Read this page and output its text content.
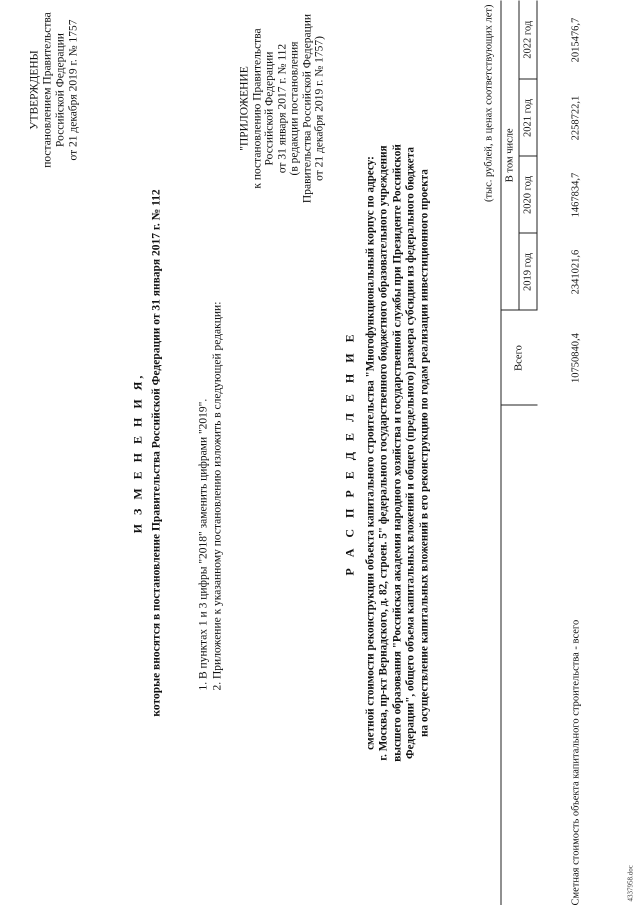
УТВЕРЖДЕНЫ постановлением Правительства Российской Федерации от 21 декабря 2019 г. № 1757
И З М Е Н Е Н И Я, которые вносятся в постановление Правительства Российской Федерации от 31 января 2017 г. № 112	1. В пунктах 1 и 3 цифры "2018" заменить цифрами "2019". 2. Приложение к указанному постановлению изложить в следующей редакции:
"ПРИЛОЖЕНИЕ к постановлению Правительства Российской Федерации от 31 января 2017 г. № 112 (в редакции постановления Правительства Российской Федерации от 21 декабря 2019 г. № 1757)
Р А С П Р Е Д Е Л Е Н И Е сметной стоимости реконструкции объекта капитального строительства "Многофункциональный корпус по адресу: г. Москва, пр-кт Вернадского, д. 82, строен. 5" федерального государственного бюджетного образовательного учреждения высшего образования "Российская академия народного хозяйства и государственной службы при Президенте Российской Федерации", общего объема капитальных вложений и общего (предельного) размера субсидии из федерального бюджета на осуществление капитальных вложений в его реконструкцию по годам реализации инвестиционного проекта
(тыс. рублей, в ценах соответствующих лет)
	Всего	В том числе			
		2019 год	2020 год	2021 год	2022 год
Сметная стоимость объекта капитального строительства - всего	10750840,4	2341021,6	1467834,7	2258722,1	2015476,7
4337958.doc
